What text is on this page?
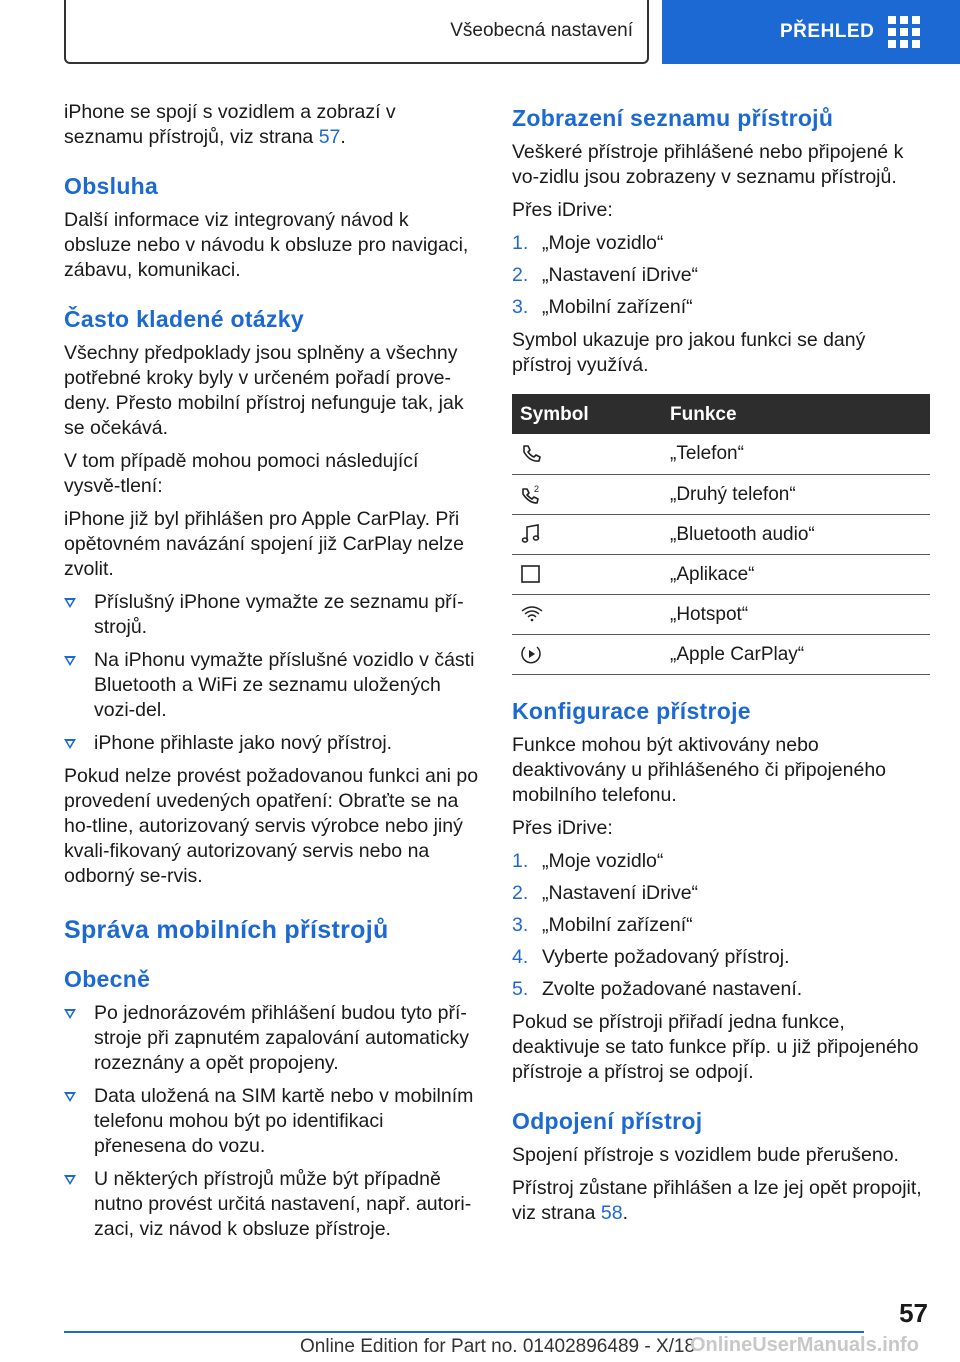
Všeobecná nastavení	PŘEHLED

iPhone se spojí s vozidlem a zobrazí v seznamu přístrojů, viz strana 57.

Obsluha

Další informace viz integrovaný návod k obsluze nebo v návodu k obsluze pro navigaci, zábavu, komunikaci.

Často kladené otázky

Všechny předpoklady jsou splněny a všechny potřebné kroky byly v určeném pořadí prove‐deny. Přesto mobilní přístroj nefunguje tak, jak se očekává.

V tom případě mohou pomoci následující vysvě‐tlení:

iPhone již byl přihlášen pro Apple CarPlay. Při opětovném navázání spojení již CarPlay nelze zvolit.

Příslušný iPhone vymažte ze seznamu pří‐strojů.
Na iPhonu vymažte příslušné vozidlo v části Bluetooth a WiFi ze seznamu uložených vozi‐del.
iPhone přihlaste jako nový přístroj.

Pokud nelze provést požadovanou funkci ani po provedení uvedených opatření: Obraťte se na ho‐tline, autorizovaný servis výrobce nebo jiný kvali‐fikovaný autorizovaný servis nebo na odborný se‐rvis.

Správa mobilních přístrojů
Obecně
Po jednorázovém přihlášení budou tyto pří‐stroje při zapnutém zapalování automaticky rozeznány a opět propojeny.
Data uložená na SIM kartě nebo v mobilním telefonu mohou být po identifikaci přenesena do vozu.
U některých přístrojů může být případně nutno provést určitá nastavení, např. autori‐zaci, viz návod k obsluze přístroje.
Zobrazení seznamu přístrojů

Veškeré přístroje přihlášené nebo připojené k vo‐zidlu jsou zobrazeny v seznamu přístrojů.

Přes iDrive:

1. „Moje vozidlo“
2. „Nastavení iDrive“
3. „Mobilní zařízení“

Symbol ukazuje pro jakou funkci se daný přístroj využívá.

Symbol	Funkce

	„Telefon“

2	„Druhý telefon“

	„Bluetooth audio“

	„Aplikace“

	„Hotspot“

	„Apple CarPlay“
Konfigurace přístroje

Funkce mohou být aktivovány nebo deaktivovány u přihlášeného či připojeného mobilního telefonu.

Přes iDrive:

1. „Moje vozidlo“
2. „Nastavení iDrive“
3. „Mobilní zařízení“
4. Vyberte požadovaný přístroj.
5. Zvolte požadované nastavení.

Pokud se přístroji přiřadí jedna funkce, deaktivuje se tato funkce příp. u již připojeného přístroje a přístroj se odpojí.

Odpojení přístroj

Spojení přístroje s vozidlem bude přerušeno.

Přístroj zůstane přihlášen a lze jej opět propojit, viz strana 58.

57
Online Edition for Part no. 01402896489 - X/18
OnlineUserManuals.info
